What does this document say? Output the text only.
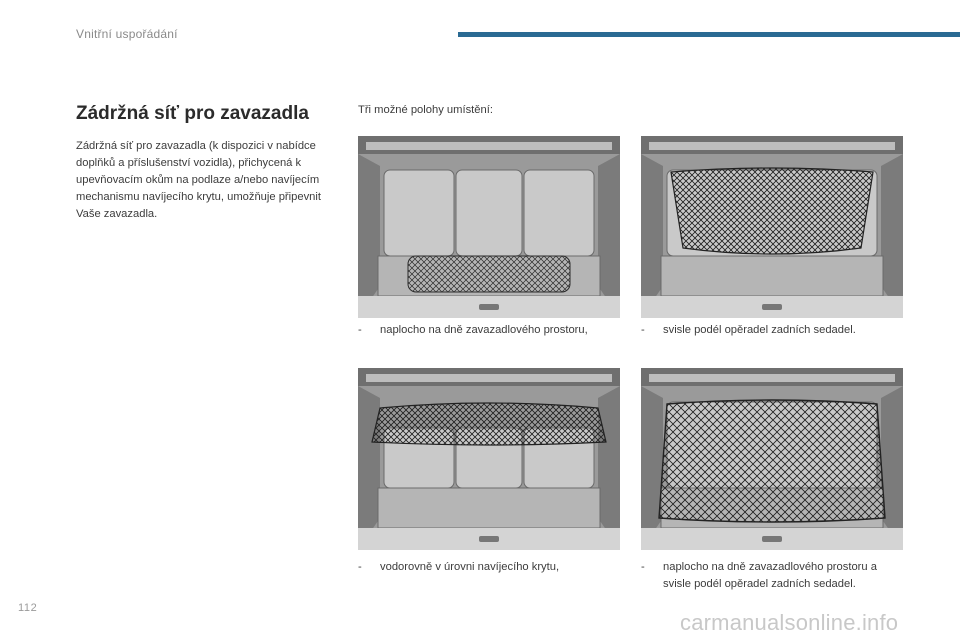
Vnitřní uspořádání
Zádržná síť pro zavazadla

Zádržná síť pro zavazadla (k dispozici v nabídce doplňků a příslušenství vozidla), přichycená k upevňovacím okům na podlaze a/nebo navíjecím mechanismu navíjecího krytu, umožňuje připevnit Vaše zavazadla.

Tři možné polohy umístění:

-	naplocho na dně zavazadlového prostoru,	-	svisle podél opěradel zadních sedadel.
-	vodorovně v úrovni navíjecího krytu,	-	naplocho na dně zavazadlového prostoru a svisle podél opěradel zadních sedadel.
112
carmanualsonline.info
